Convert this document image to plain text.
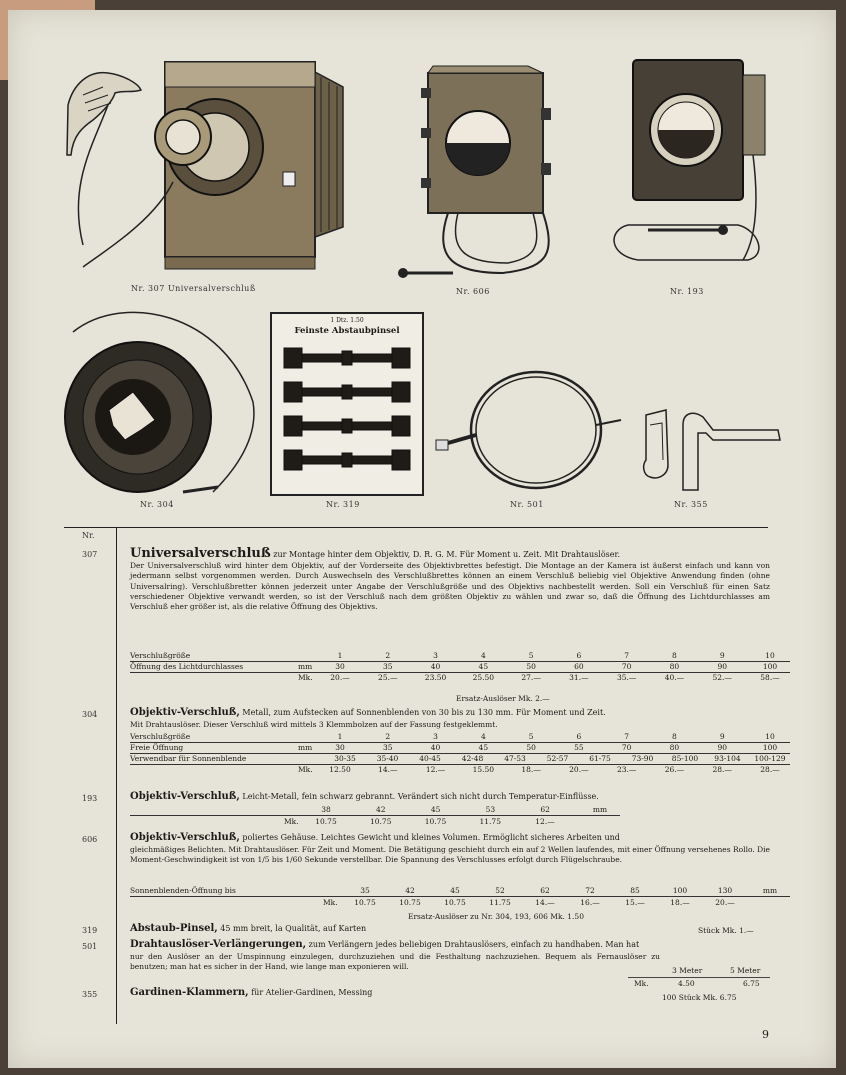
Nr. 307 Universalverschluß	Nr. 606	Nr. 193
Nr. 304
1 Dtz. 1.50
Feinste Abstaubpinsel
Nr. 319	Nr. 501	Nr. 355
Nr.
307	Universalverschluß zur Montage hinter dem Objektiv, D. R. G. M. Für Moment u. Zeit. Mit Drahtauslöser.
Der Universalverschluß wird hinter dem Objektiv, auf der Vorderseite des Objektivbrettes befestigt. Die Montage an der Kamera ist äußerst einfach und kann von jedermann selbst vorgenommen werden. Durch Auswechseln des Verschlußbrettes können an einem Verschluß beliebig viel Objektive Anwendung finden (ohne Universalring). Verschlußbretter können jederzeit unter Angabe der Verschlußgröße und des Objektivs nachbestellt werden. Soll ein Verschluß für einen Satz verschiedener Objektive verwandt werden, so ist der Verschluß nach dem größten Objektiv zu wählen und zwar so, daß die Öffnung des Lichtdurchlasses am Verschluß eher größer ist, als die relative Öffnung des Objektivs.
Verschlußgröße	1	2	3	4	5	6	7	8	9	10
Öffnung des Lichtdurchlasses	mm	30	35	40	45	50	60	70	80	90	100
Mk.	20.—	25.—	23.50	25.50	27.—	31.—	35.—	40.—	52.—	58.—
Ersatz-Auslöser Mk. 2.—
304	Objektiv-Verschluß, Metall, zum Aufstecken auf Sonnenblenden von 30 bis zu 130 mm. Für Moment und Zeit.
Mit Drahtauslöser. Dieser Verschluß wird mittels 3 Klemmbolzen auf der Fassung festgeklemmt.
Verschlußgröße	1	2	3	4	5	6	7	8	9	10
Freie Öffnung	mm	30	35	40	45	50	55	70	80	90	100
Verwendbar für Sonnenblende	30-35	35-40	40-45	42-48	47-53	52-57	61-75	73-90	85-100	93-104	100-129
Mk.	12.50	14.—	12.—	15.50	18.—	20.—	23.—	26.—	28.—	28.—
193	Objektiv-Verschluß, Leicht-Metall, fein schwarz gebrannt. Verändert sich nicht durch Temperatur-Einflüsse.
38	42	45	53	62	mm
Mk.	10.75	10.75	10.75	11.75	12.—
606	Objektiv-Verschluß, poliertes Gehäuse. Leichtes Gewicht und kleines Volumen. Ermöglicht sicheres Arbeiten und
gleichmäßiges Belichten. Mit Drahtauslöser. Für Zeit und Moment. Die Betätigung geschieht durch ein auf 2 Wellen laufendes, mit einer Öffnung versehenes Rollo. Die Moment-Geschwindigkeit ist von 1/5 bis 1/60 Sekunde verstellbar. Die Spannung des Verschlusses erfolgt durch Flügelschraube.
Sonnenblenden-Öffnung bis	35	42	45	52	62	72	85	100	130	mm
Mk.	10.75	10.75	10.75	11.75	14.—	16.—	15.—	18.—	20.—
Ersatz-Auslöser zu Nr. 304, 193, 606 Mk. 1.50
319	Abstaub-Pinsel, 45 mm breit, la Qualität, auf Karten	Stück Mk. 1.—
501	Drahtauslöser-Verlängerungen, zum Verlängern jedes beliebigen Drahtauslösers, einfach zu handhaben. Man hat
nur den Auslöser an der Umspinnung einzulegen, durchzuziehen und die Festhaltung nachzuziehen. Bequem als Fernauslöser zu benutzen; man hat es sicher in der Hand, wie lange man exponieren will.	3 Meter	5 Meter
Mk.	4.50	6.75
355	Gardinen-Klammern, für Atelier-Gardinen, Messing
100 Stück Mk. 6.75
9
